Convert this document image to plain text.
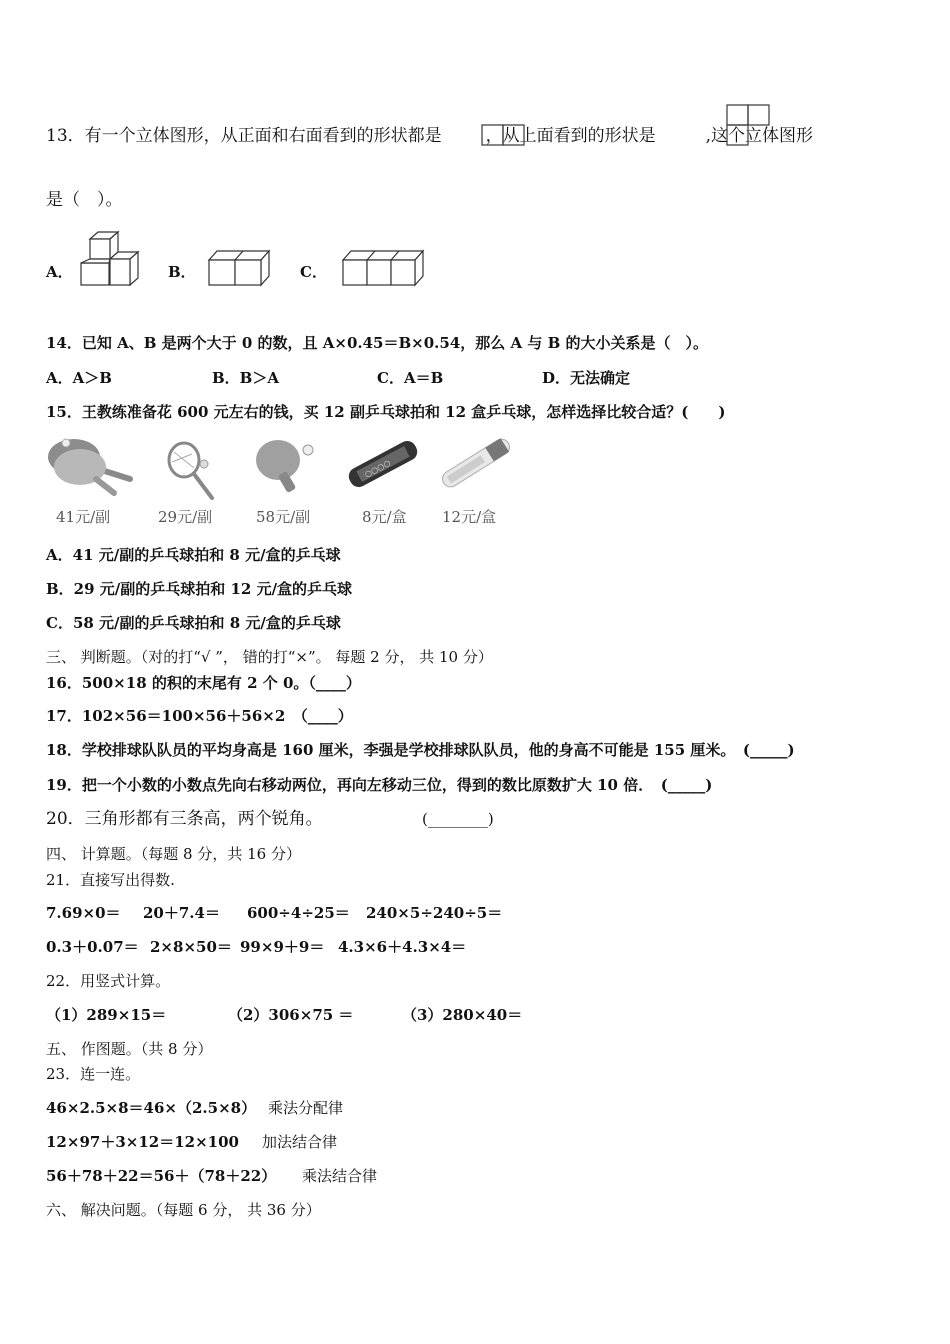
13．有一个立体图形，从正面和右面看到的形状都是	，从上面看到的形状是	,这个立体图形
是（　）。
A．	B．	C．
14．已知 A、B 是两个大于 0 的数，且 A×0.45＝B×0.54，那么 A 与 B 的大小关系是（　）。
A．A＞B	B．B＞A	C．A＝B	D．无法确定
15．王教练准备花 600 元左右的钱，买 12 副乒乓球拍和 12 盒乒乓球，怎样选择比较合适？(　　)
41元/副	29元/副	58元/副
○○○○
8元/盒 12元/盒
A．41 元/副的乒乓球拍和 8 元/盒的乒乓球
B．29 元/副的乒乓球拍和 12 元/盒的乒乓球
C．58 元/副的乒乓球拍和 8 元/盒的乒乓球
三、 判断题。（对的打“√ ”， 错的打“×”。 每题 2 分， 共 10 分）
16．500×18 的积的末尾有 2 个 0。（____）
17．102×56＝100×56＋56×2　（____）
18．学校排球队队员的平均身高是 160 厘米，李强是学校排球队队员，他的身高不可能是 155 厘米。　(_____)
19．把一个小数的小数点先向右移动两位，再向左移动三位，得到的数比原数扩大 10 倍．　(_____)
20．三角形都有三条高，两个锐角。	(________)
四、 计算题。（每题 8 分，共 16 分）
21．直接写出得数.
7.69×0＝ 20＋7.4＝ 600÷4÷25＝ 240×5÷240÷5＝
0.3＋0.07＝ 2×8×50＝ 99×9＋9＝ 4.3×6＋4.3×4＝
22．用竖式计算。
（1）289×15＝	（2）306×75 ＝	（3）280×40＝
五、 作图题。（共 8 分）
23．连一连。
46×2.5×8＝46×（2.5×8） 乘法分配律
12×97＋3×12＝12×100 加法结合律
56＋78＋22＝56＋（78＋22） 乘法结合律
六、 解决问题。（每题 6 分， 共 36 分）
